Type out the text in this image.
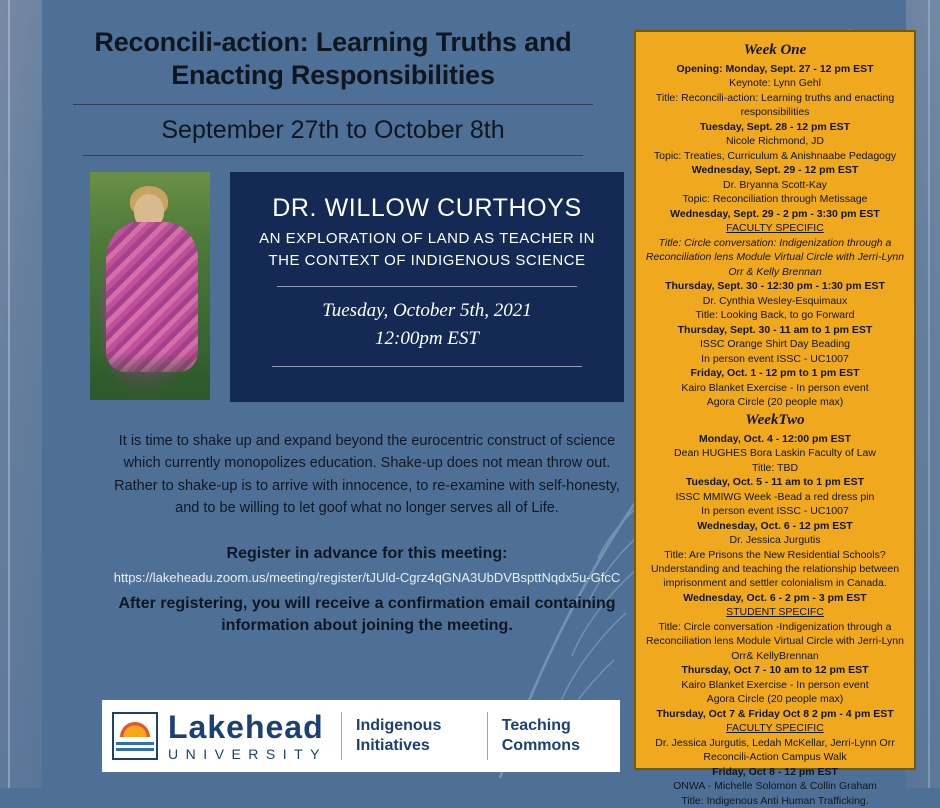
Reconcili-action: Learning Truths and Enacting Responsibilities
September 27th to October 8th
DR. WILLOW CURTHOYS
AN EXPLORATION OF LAND AS TEACHER IN THE CONTEXT OF INDIGENOUS SCIENCE
Tuesday, October 5th, 2021
12:00pm EST
It is time to shake up and expand beyond the eurocentric construct of science which currently monopolizes education. Shake-up does not mean throw out. Rather to shake-up is to arrive with innocence, to re-examine with self-honesty, and to be willing to let goof what no longer serves all of Life.
Register in advance for this meeting:
https://lakeheadu.zoom.us/meeting/register/tJUld-Cgrz4qGNA3UbDVBspttNqdx5u-GfcC
After registering, you will receive a confirmation email containing information about joining the meeting.
Lakehead
UNIVERSITY
Indigenous Initiatives
Teaching Commons
Week One
Opening: Monday, Sept. 27 - 12 pm EST
Keynote: Lynn Gehl
Title: Reconcili-action: Learning truths and enacting responsibilities
Tuesday, Sept. 28 - 12 pm EST
Nicole Richmond, JD
Topic: Treaties, Curriculum & Anishnaabe Pedagogy
Wednesday, Sept. 29 - 12 pm EST
Dr. Bryanna Scott-Kay
Topic: Reconciliation through Metissage
Wednesday, Sept. 29 - 2 pm - 3:30 pm EST
FACULTY SPECIFIC
Title: Circle conversation: Indigenization through a Reconciliation lens Module Virtual Circle with Jerri-Lynn Orr & Kelly Brennan
Thursday, Sept. 30 - 12:30 pm - 1:30 pm EST
Dr. Cynthia Wesley-Esquimaux
Title: Looking Back, to go Forward
Thursday, Sept. 30 - 11 am to 1 pm EST
ISSC Orange Shirt Day Beading
In person event ISSC - UC1007
Friday, Oct. 1 - 12 pm to 1 pm EST
Kairo Blanket Exercise - In person event
Agora Circle (20 people max)
WeekTwo
Monday, Oct. 4 - 12:00 pm EST
Dean HUGHES Bora Laskin Faculty of Law
Title: TBD
Tuesday, Oct. 5 - 11 am to 1 pm EST
ISSC MMIWG Week -Bead a red dress pin
In person event ISSC - UC1007
Wednesday, Oct. 6 - 12 pm EST
Dr. Jessica Jurgutis
Title: Are Prisons the New Residential Schools? Understanding and teaching the relationship between imprisonment and settler colonialism in Canada.
Wednesday, Oct. 6 - 2 pm - 3 pm EST
STUDENT SPECIFC
Title: Circle conversation -Indigenization through a Reconciliation lens Module Virtual Circle with Jerri-Lynn Orr& KellyBrennan
Thursday, Oct 7 - 10 am to 12 pm EST
Kairo Blanket Exercise - In person event
Agora Circle (20 people max)
Thursday, Oct 7 & Friday Oct 8 2 pm - 4 pm EST
FACULTY SPECIFIC
Dr. Jessica Jurgutis, Ledah McKellar, Jerri-Lynn Orr
Reconcili-Action Campus Walk
Friday, Oct 8 - 12 pm EST
ONWA - Michelle Solomon & Collin Graham
Title: Indigenous Anti Human Trafficking.
